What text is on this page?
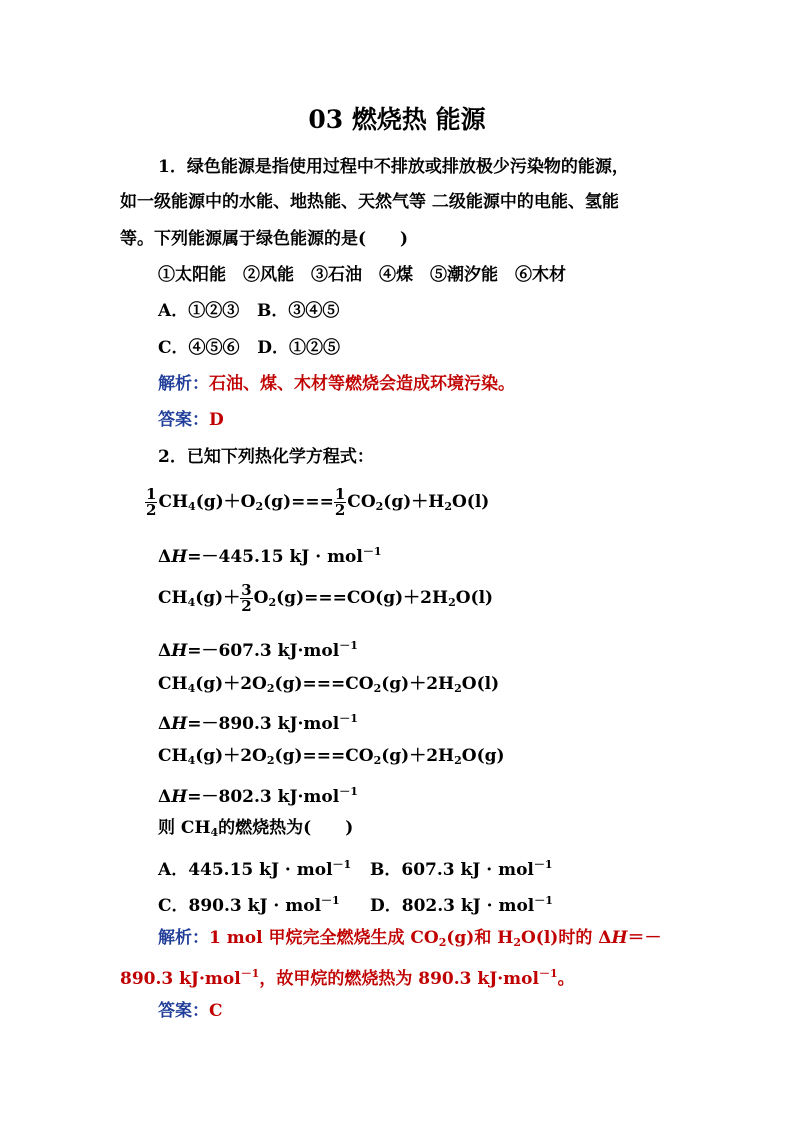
03 燃烧热 能源
1．绿色能源是指使用过程中不排放或排放极少污染物的能源，
如一级能源中的水能、地热能、天然气等 二级能源中的电能、氢能
等。下列能源属于绿色能源的是(　　)
①太阳能　②风能　③石油　④煤　⑤潮汐能　⑥木材
A．①②③ B．③④⑤
C．④⑤⑥ D．①②⑤
解析：石油、煤、木材等燃烧会造成环境污染。
答案：D
2．已知下列热化学方程式：
$\frac{1}{2} CH_4(g)+O_2(g)=== \frac{1}{2} CO_2(g)+H_2O(l)$
ΔH=－445.15 kJ · mol$^{-1}$
$CH_4(g)+ \frac{3}{2} O_2(g)===CO(g)+2H_2O(l)$
ΔH=－607.3 kJ·mol$^{-1}$
$CH_4(g)+2O_2(g)===CO_2(g)+2H_2O(l)$
ΔH=－890.3 kJ·mol$^{-1}$
$CH_4(g)+2O_2(g)===CO_2(g)+2H_2O(g)$
ΔH=－802.3 kJ·mol$^{-1}$
则 $CH_4$的燃烧热为(　　)
A．445.15 kJ · mol$^{-1}$ B．607.3 kJ · mol$^{-1}$
C．890.3 kJ · mol$^{-1}$ D．802.3 kJ · mol$^{-1}$
解析：1 mol 甲烷完全燃烧生成 $CO_2(g)$和 $H_2O(l)$时的 ΔH＝－
890.3 kJ·mol$^{-1}$，故甲烷的燃烧热为 890.3 kJ·mol$^{-1}$。
答案：C
